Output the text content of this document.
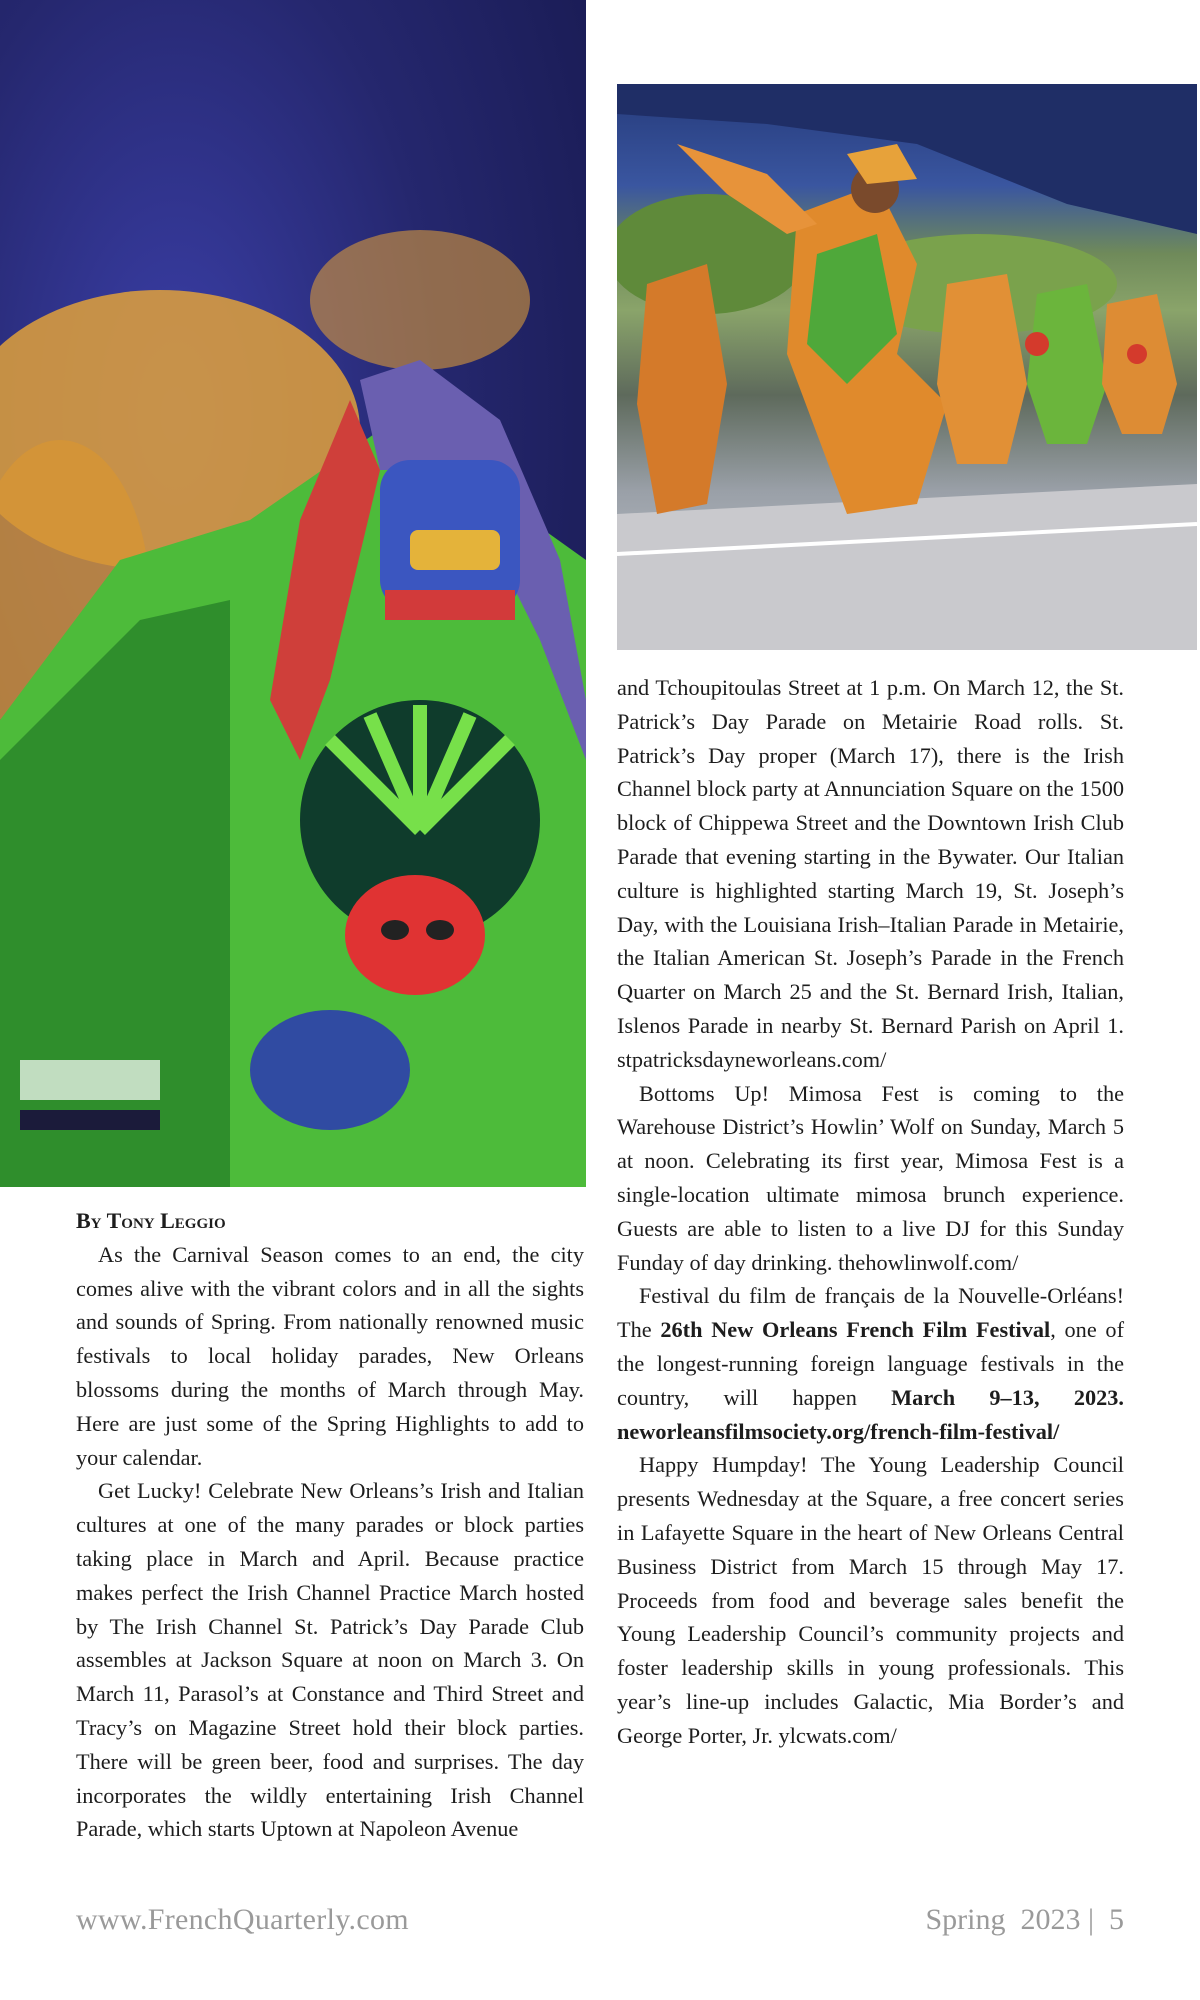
By Tony Leggio

As the Carnival Season comes to an end, the city comes alive with the vibrant colors and in all the sights and sounds of Spring. From nationally renowned music festivals to local holiday parades, New Orleans blossoms during the months of March through May. Here are just some of the Spring Highlights to add to your calendar.

Get Lucky! Celebrate New Orleans’s Irish and Italian cultures at one of the many parades or block parties taking place in March and April. Because practice makes perfect the Irish Channel Practice March hosted by The Irish Channel St. Patrick’s Day Parade Club assembles at Jackson Square at noon on March 3. On March 11, Parasol’s at Constance and Third Street and Tracy’s on Magazine Street hold their block parties. There will be green beer, food and surprises. The day incorporates the wildly entertaining Irish Channel Parade, which starts Uptown at Napoleon Avenue

and Tchoupitoulas Street at 1 p.m. On March 12, the St. Patrick’s Day Parade on Metairie Road rolls. St. Patrick’s Day proper (March 17), there is the Irish Channel block party at Annunciation Square on the 1500 block of Chippewa Street and the Downtown Irish Club Parade that evening starting in the Bywater. Our Italian culture is highlighted starting March 19, St. Joseph’s Day, with the Louisiana Irish–Italian Parade in Metairie, the Italian American St. Joseph’s Parade in the French Quarter on March 25 and the St. Bernard Irish, Italian, Islenos Parade in nearby St. Bernard Parish on April 1. stpatricksdayneworleans.com/

Bottoms Up! Mimosa Fest is coming to the Warehouse District’s Howlin’ Wolf on Sunday, March 5 at noon. Celebrating its first year, Mimosa Fest is a single-location ultimate mimosa brunch experience. Guests are able to listen to a live DJ for this Sunday Funday of day drinking. thehowlinwolf.com/

Festival du film de français de la Nouvelle-Orléans! The 26th New Orleans French Film Festival, one of the longest-running foreign language festivals in the country, will happen March 9–13, 2023. neworleansfilmsociety.org/french-film-festival/

Happy Humpday! The Young Leadership Council presents Wednesday at the Square, a free concert series in Lafayette Square in the heart of New Orleans Central Business District from March 15 through May 17. Proceeds from food and beverage sales benefit the Young Leadership Council’s community projects and foster leadership skills in young professionals. This year’s line-up includes Galactic, Mia Border’s and George Porter, Jr. ylcwats.com/

www.FrenchQuarterly.com	Spring  2023 |  5
